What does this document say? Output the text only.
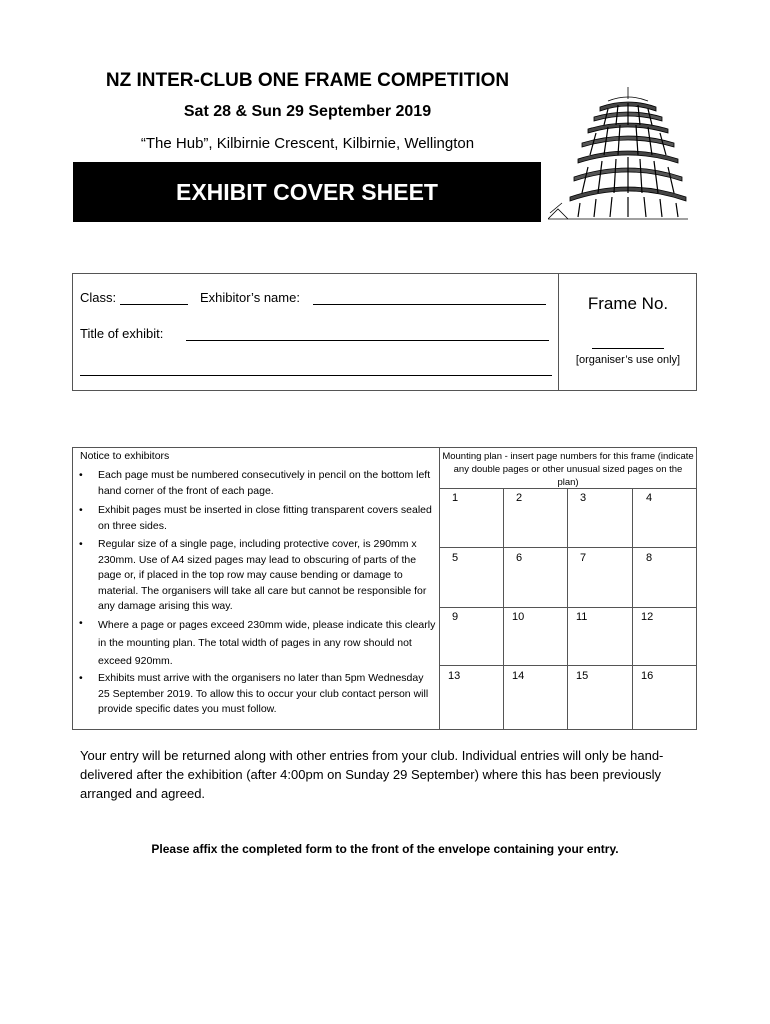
NZ INTER-CLUB ONE FRAME COMPETITION
Sat 28 & Sun 29 September 2019
“The Hub”, Kilbirnie Crescent, Kilbirnie, Wellington
EXHIBIT COVER SHEET
Class:	Exhibitor’s name:
Title of exhibit:
Frame No.
[organiser’s use only]
Notice to exhibitors
• Each page must be numbered consecutively in pencil on the bottom left hand corner of the front of each page.
• Exhibit pages must be inserted in close fitting transparent covers sealed on three sides.
• Regular size of a single page, including protective cover, is 290mm x 230mm. Use of A4 sized pages may lead to obscuring of parts of the page or, if placed in the top row may cause bending or damage to material. The organisers will take all care but cannot be responsible for any damage arising this way.
• Where a page or pages exceed 230mm wide, please indicate this clearly in the mounting plan. The total width of pages in any row should not exceed 920mm.
• Exhibits must arrive with the organisers no later than 5pm Wednesday 25 September 2019. To allow this to occur your club contact person will provide specific dates you must follow.
Mounting plan - insert page numbers for this frame (indicate any double pages or other unusual sized pages on the plan)
1	2	3	4
5	6	7	8
9	10	11	12
13	14	15	16
Your entry will be returned along with other entries from your club. Individual entries will only be hand-delivered after the exhibition (after 4:00pm on Sunday 29 September) where this has been previously arranged and agreed.
Please affix the completed form to the front of the envelope containing your entry.
